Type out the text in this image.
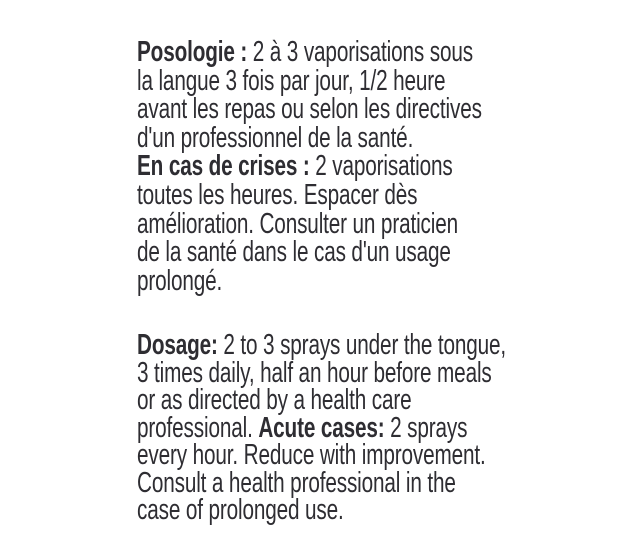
Posologie : 2 à 3 vaporisations sous
la langue 3 fois par jour, 1/2 heure
avant les repas ou selon les directives
d'un professionnel de la santé.
En cas de crises : 2 vaporisations
toutes les heures. Espacer dès
amélioration. Consulter un praticien
de la santé dans le cas d'un usage
prolongé.
Dosage: 2 to 3 sprays under the tongue,
3 times daily, half an hour before meals
or as directed by a health care
professional. Acute cases: 2 sprays
every hour. Reduce with improvement.
Consult a health professional in the
case of prolonged use.
